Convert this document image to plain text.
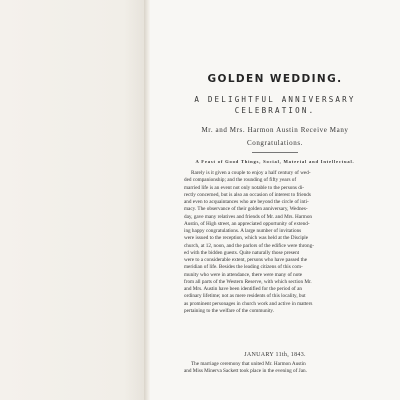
GOLDEN WEDDING.
A DELIGHTFUL ANNIVERSARY
CELEBRATION.
Mr. and Mrs. Harmon Austin Receive Many
Congratulations.
A Feast of Good Things, Social, Material and Intellectual.
Rarely is it given a couple to enjoy a half century of wed-
ded companionship; and the rounding of fifty years of
married life is an event not only notable to the persons di-
rectly concerned, but is also an occasion of interest to friends
and even to acquaintances who are beyond the circle of inti-
macy. The observance of their golden anniversary, Wednes-
day, gave many relatives and friends of Mr. and Mrs. Harmon
Austin, of High street, an appreciated opportunity of extend-
ing happy congratulations. A large number of invitations
were issued to the reception, which was held at the Disciple
church, at 12, noon, and the parlors of the edifice were throng-
ed with the bidden guests. Quite naturally those present
were to a considerable extent, persons who have passed the
meridian of life. Besides the leading citizens of this com-
munity who were in attendance, there were many of note
from all parts of the Western Reserve, with which section Mr.
and Mrs. Austin have been identified for the period of an
ordinary lifetime; not as mere residents of this locality, but
as prominent personages in church work and active in matters
pertaining to the welfare of the community.
JANUARY 11th, 1843.
The marriage ceremony that united Mr. Harmon Austin
and Miss Minerva Sackett took place in the evening of Jan.
